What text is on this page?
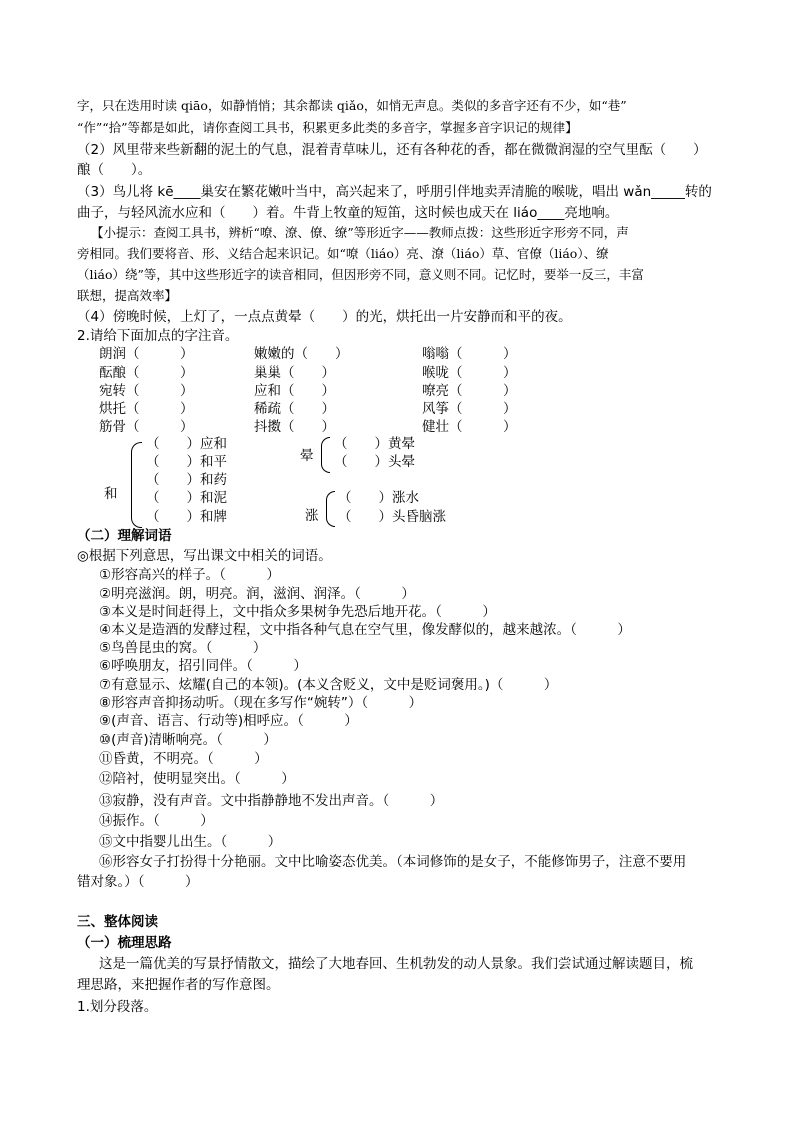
字，只在迭用时读 qiāo，如静悄悄；其余都读 qiǎo，如悄无声息。类似的多音字还有不少，如“巷”
“作”“拾”等都是如此，请你查阅工具书，积累更多此类的多音字，掌握多音字识记的规律】
（2）风里带来些新翻的泥土的气息，混着青草味儿，还有各种花的香，都在微微润湿的空气里酝（　　）
酿（　　）。
（3）鸟儿将 kē____巢安在繁花嫩叶当中，高兴起来了，呼朋引伴地卖弄清脆的喉咙，唱出 wǎn_____转的
曲子，与轻风流水应和（　　）着。牛背上牧童的短笛，这时候也成天在 liáo____亮地响。
【小提示：查阅工具书，辨析“嘹、潦、僚、缭”等形近字——教师点拨：这些形近字形旁不同，声
旁相同。我们要将音、形、义结合起来识记。如“嘹（liáo）亮、潦（liáo）草、官僚（liáo）、缭
（liáo）绕”等，其中这些形近字的读音相同，但因形旁不同，意义则不同。记忆时，要举一反三，丰富
联想，提高效率】
（4）傍晚时候，上灯了，一点点黄晕（　　）的光，烘托出一片安静而和平的夜。
2.请给下面加点的字注音。
朗润（　　　）	嫩嫩的（　　）	嗡嗡（　　　）
酝酿（　　　）	巢巢（　　）	喉咙（　　　）
宛转（　　　）	应和（　　）	嘹亮（　　　）
烘托（　　　）	稀疏（　　）	风筝（　　　）
筋骨（　　　）	抖擞（　　）	健壮（　　　）
和
（　　）应和
（　　）和平
（　　）和药
（　　）和泥
（　　）和牌
晕
（　　）黄晕
（　　）头晕
涨
（　　）涨水
（　　）头昏脑涨
（二）理解词语
◎根据下列意思，写出课文中相关的词语。
①形容高兴的样子。（　　　）
②明亮滋润。朗，明亮。润，滋润、润泽。（　　　）
③本义是时间赶得上，文中指众多果树争先恐后地开花。（　　　）
④本义是造酒的发酵过程，文中指各种气息在空气里，像发酵似的，越来越浓。（　　　）
⑤鸟兽昆虫的窝。（　　　）
⑥呼唤朋友，招引同伴。（　　　）
⑦有意显示、炫耀(自己的本领)。(本义含贬义，文中是贬词褒用。)（　　　）
⑧形容声音抑扬动听。（现在多写作“婉转”）（　　　）
⑨(声音、语言、行动等)相呼应。（　　　）
⑩(声音)清晰响亮。（　　　）
⑪昏黄，不明亮。（　　　）
⑫陪衬，使明显突出。（　　　）
⑬寂静，没有声音。文中指静静地不发出声音。（　　　）
⑭振作。（　　　）
⑮文中指婴儿出生。（　　　）
⑯形容女子打扮得十分艳丽。文中比喻姿态优美。（本词修饰的是女子，不能修饰男子，注意不要用
错对象。）（　　　）
三、整体阅读
（一）梳理思路
这是一篇优美的写景抒情散文，描绘了大地春回、生机勃发的动人景象。我们尝试通过解读题目，梳
理思路，来把握作者的写作意图。
1.划分段落。
